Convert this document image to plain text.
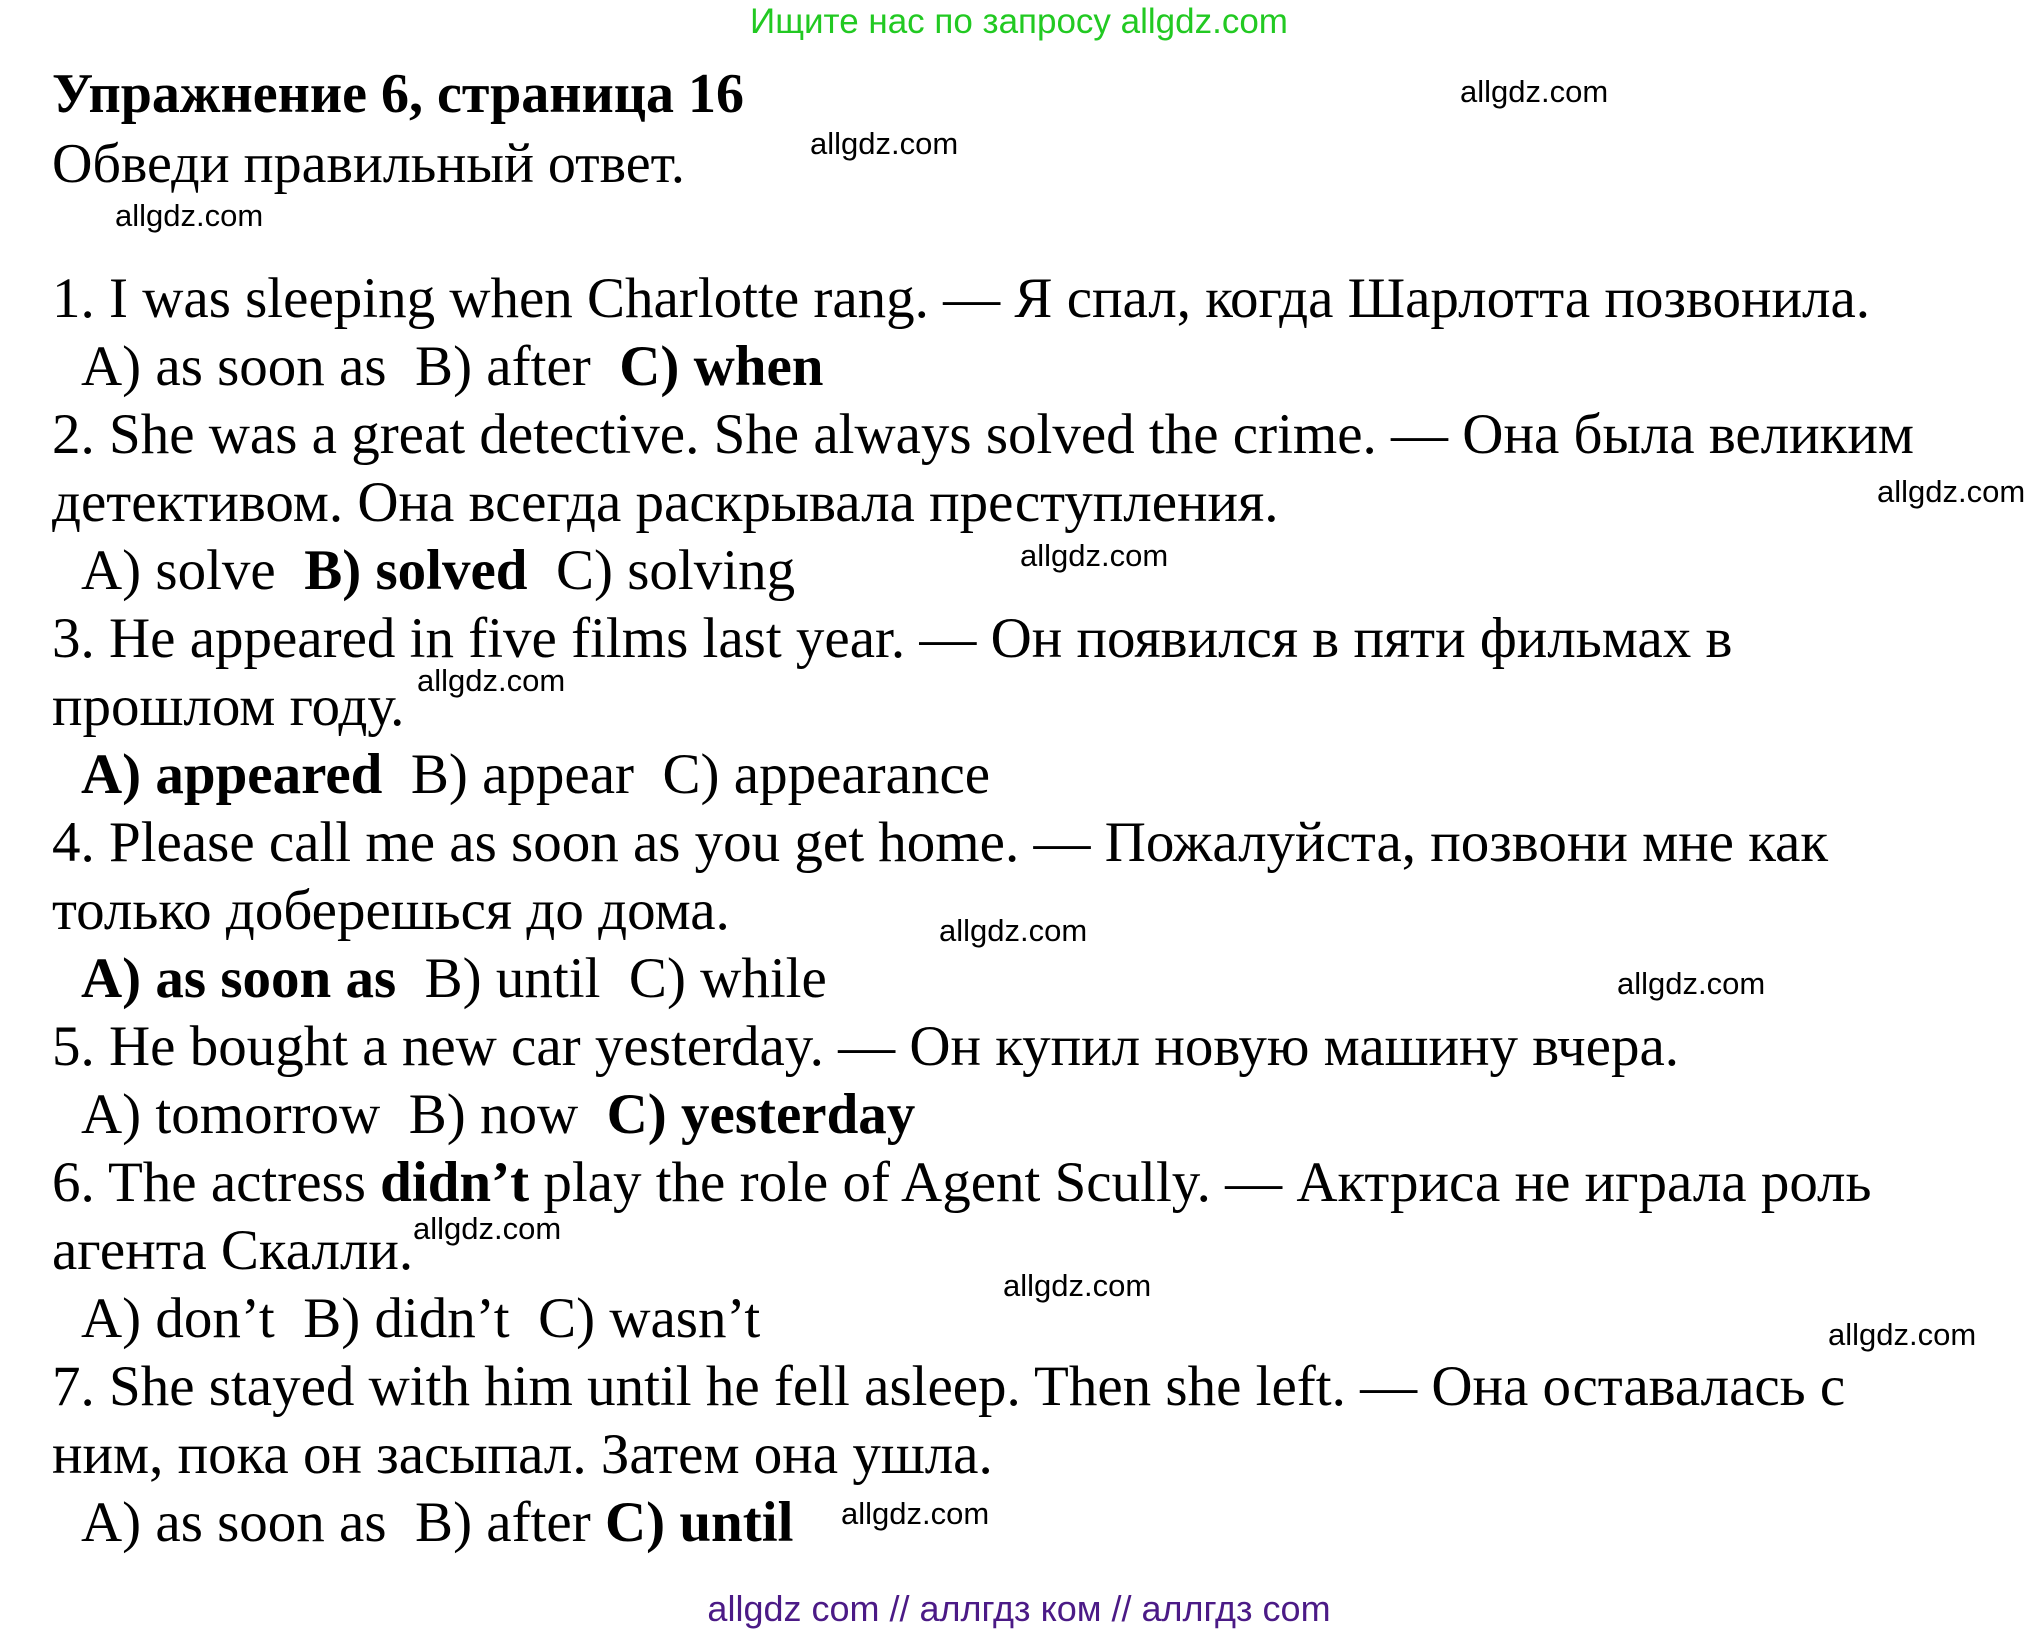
Ищите нас по запросу allgdz.com
Упражнение 6, страница 16
Обведи правильный ответ.
1. I was sleeping when Charlotte rang. — Я спал, когда Шарлотта позвонила.
A) as soon as B) after C) when
2. She was a great detective. She always solved the crime. — Она была великим
детективом. Она всегда раскрывала преступления.
A) solve B) solved C) solving
3. He appeared in five films last year. — Он появился в пяти фильмах в
прошлом году.
A) appeared B) appear C) appearance
4. Please call me as soon as you get home. — Пожалуйста, позвони мне как
только доберешься до дома.
A) as soon as B) until C) while
5. He bought a new car yesterday. — Он купил новую машину вчера.
A) tomorrow B) now C) yesterday
6. The actress didn’t play the role of Agent Scully. — Актриса не играла роль
агента Скалли.
A) don’t B) didn’t C) wasn’t
7. She stayed with him until he fell asleep. Then she left. — Она оставалась с
ним, пока он засыпал. Затем она ушла.
A) as soon as B) after C) until
allgdz.com
allgdz.com
allgdz.com
allgdz.com
allgdz.com
allgdz.com
allgdz.com
allgdz.com
allgdz.com
allgdz.com
allgdz.com
allgdz.com
allgdz com // аллгдз ком // аллгдз com
